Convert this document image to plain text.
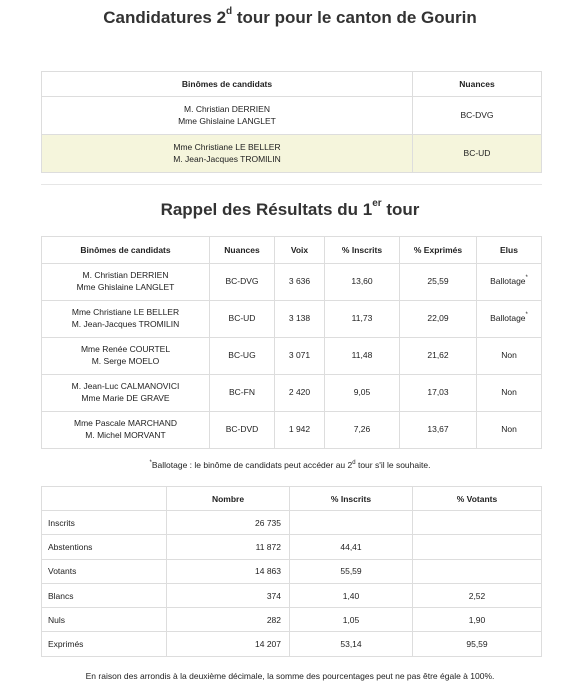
Candidatures 2$^d$ tour pour le canton de Gourin
Binômes de candidats	Nuances
M. Christian DERRIEN
Mme Ghislaine LANGLET	BC-DVG
Mme Christiane LE BELLER
M. Jean-Jacques TROMILIN	BC-UD
Rappel des Résultats du 1er tour
Binômes de candidats	Nuances	Voix	% Inscrits	% Exprimés	Elus
M. Christian DERRIEN
Mme Ghislaine LANGLET	BC-DVG	3 636	13,60	25,59	Ballotage*
Mme Christiane LE BELLER
M. Jean-Jacques TROMILIN	BC-UD	3 138	11,73	22,09	Ballotage*
Mme Renée COURTEL
M. Serge MOELO	BC-UG	3 071	11,48	21,62	Non
M. Jean-Luc CALMANOVICI
Mme Marie DE GRAVE	BC-FN	2 420	9,05	17,03	Non
Mme Pascale MARCHAND
M. Michel MORVANT	BC-DVD	1 942	7,26	13,67	Non
*Ballotage : le binôme de candidats peut accéder au 2$^d$ tour s'il le souhaite.
	Nombre	% Inscrits	% Votants
Inscrits	26 735		
Abstentions	11 872	44,41	
Votants	14 863	55,59	
Blancs	374	1,40	2,52
Nuls	282	1,05	1,90
Exprimés	14 207	53,14	95,59
En raison des arrondis à la deuxième décimale, la somme des pourcentages peut ne pas être égale à 100%.
